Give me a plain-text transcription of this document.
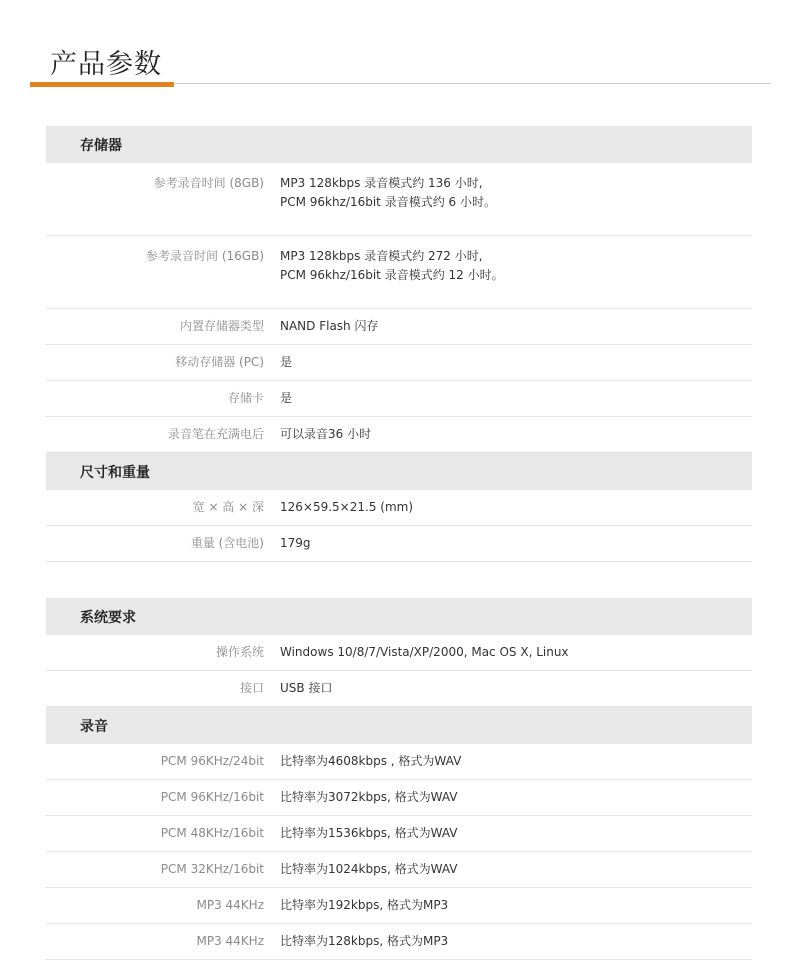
产品参数
存储器
参考录音时间 (8GB) MP3 128kbps 录音模式约 136 小时,
PCM 96khz/16bit 录音模式约 6 小时。
参考录音时间 (16GB) MP3 128kbps 录音模式约 272 小时,
PCM 96khz/16bit 录音模式约 12 小时。
内置存储器类型	NAND Flash 闪存
移动存储器 (PC)	是
存储卡	是
录音笔在充满电后	可以录音36 小时
尺寸和重量
宽 × 高 × 深	126×59.5×21.5 (mm)
重量 (含电池)	179g
系统要求
操作系统	Windows 10/8/7/Vista/XP/2000, Mac OS X, Linux
接口	USB 接口
录音
PCM 96KHz/24bit	比特率为4608kbps , 格式为WAV
PCM 96KHz/16bit	比特率为3072kbps, 格式为WAV
PCM 48KHz/16bit	比特率为1536kbps, 格式为WAV
PCM 32KHz/16bit	比特率为1024kbps, 格式为WAV
MP3 44KHz	比特率为192kbps, 格式为MP3
MP3 44KHz	比特率为128kbps, 格式为MP3
